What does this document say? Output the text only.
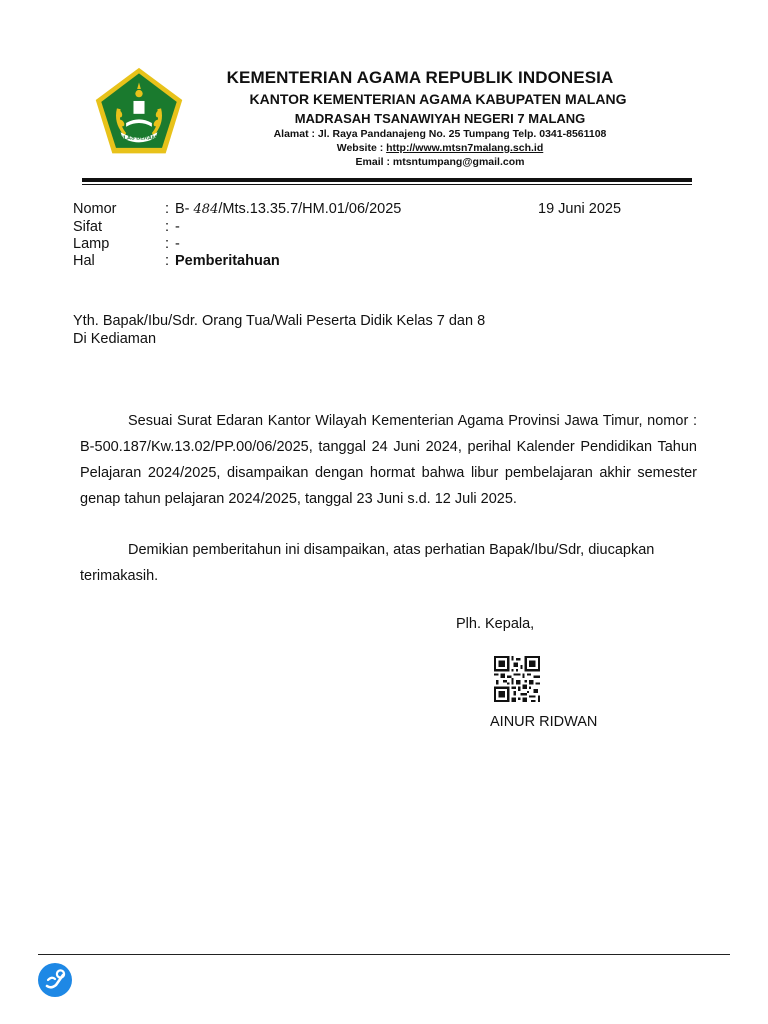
IKHLAS BERAMAL
KEMENTERIAN AGAMA REPUBLIK INDONESIA
KANTOR KEMENTERIAN AGAMA KABUPATEN MALANG
MADRASAH TSANAWIYAH NEGERI 7 MALANG
Alamat : Jl. Raya Pandanajeng No. 25 Tumpang Telp. 0341-8561108
Website : http://www.mtsn7malang.sch.id
Email : mtsntumpang@gmail.com
Nomor	: B- 484/Mts.13.35.7/HM.01/06/2025	19 Juni 2025
Sifat	: -
Lamp	: -
Hal	: Pemberitahuan
Yth. Bapak/Ibu/Sdr. Orang Tua/Wali Peserta Didik Kelas 7 dan 8
Di Kediaman

Sesuai Surat Edaran Kantor Wilayah Kementerian Agama Provinsi Jawa Timur, nomor : B-500.187/Kw.13.02/PP.00/06/2025, tanggal 24 Juni 2024, perihal Kalender Pendidikan Tahun Pelajaran 2024/2025, disampaikan dengan hormat bahwa libur pembelajaran akhir semester genap tahun pelajaran 2024/2025, tanggal 23 Juni s.d. 12 Juli 2025.

Demikian pemberitahun ini disampaikan, atas perhatian Bapak/Ibu/Sdr, diucapkan terimakasih.

Plh. Kepala,
AINUR RIDWAN
